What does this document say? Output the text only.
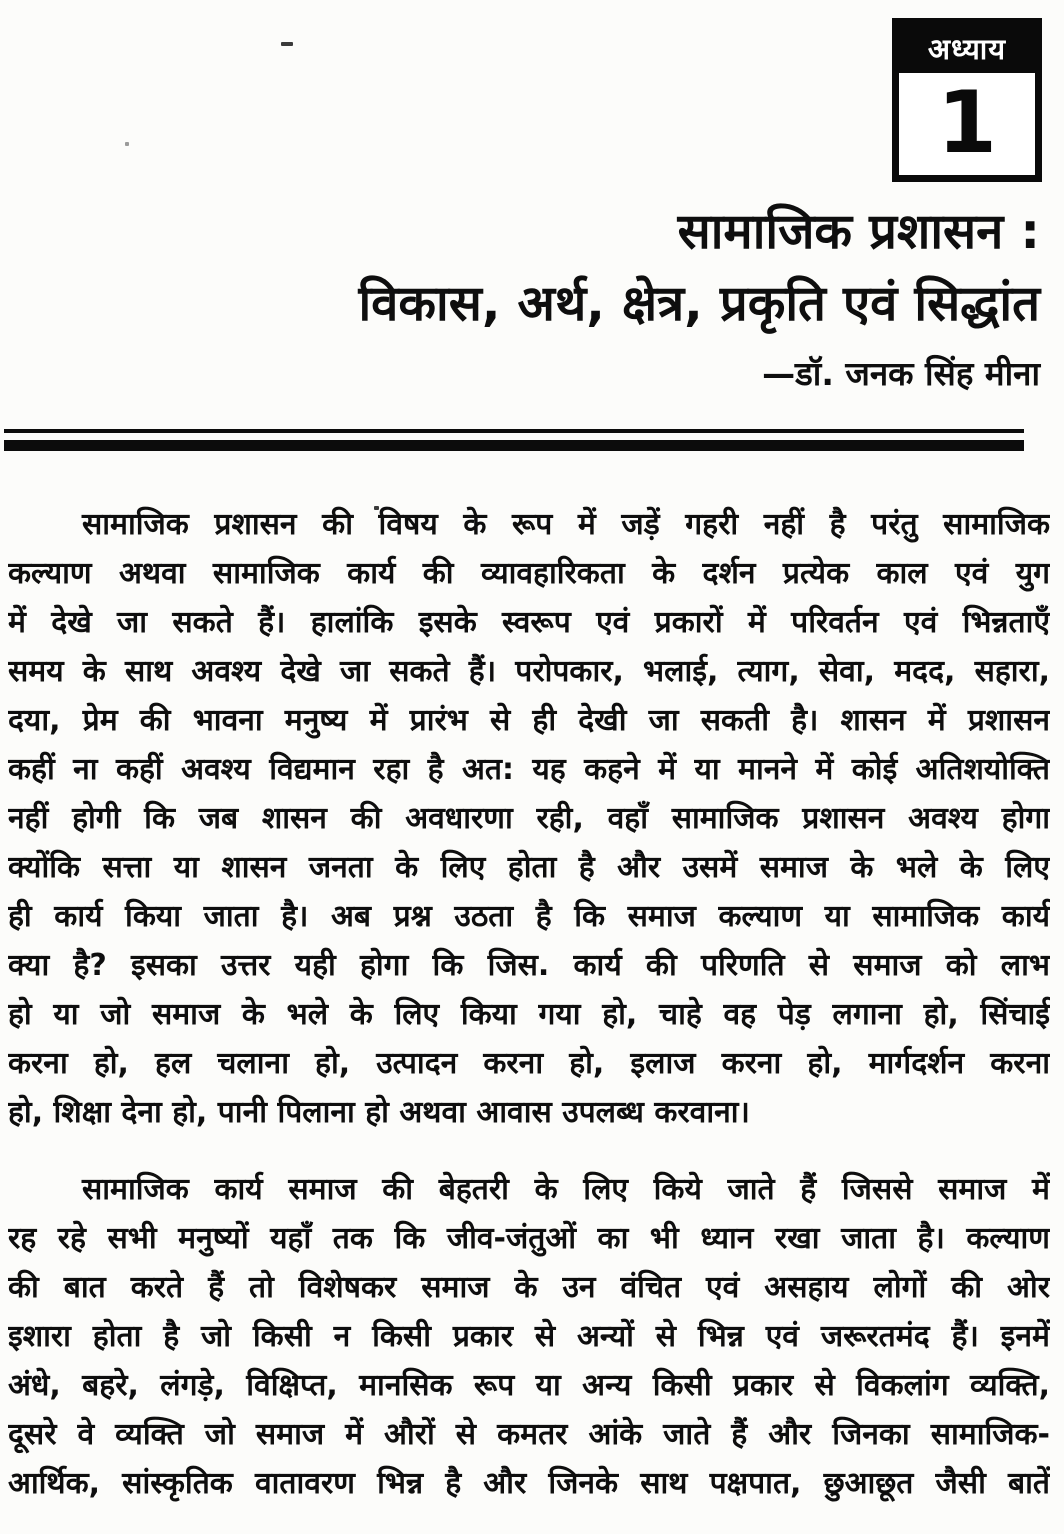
अध्याय
1
सामाजिक प्रशासन :
विकास, अर्थ, क्षेत्र, प्रकृति एवं सिद्धांत
—डॉ. जनक सिंह मीना
सामाजिक प्रशासन की विषय के रूप में जड़ें गहरी नहीं है परंतु सामाजिक
कल्याण अथवा सामाजिक कार्य की व्यावहारिकता के दर्शन प्रत्येक काल एवं युग
में देखे जा सकते हैं। हालांकि इसके स्वरूप एवं प्रकारों में परिवर्तन एवं भिन्नताएँ
समय के साथ अवश्य देखे जा सकते हैं। परोपकार, भलाई, त्याग, सेवा, मदद, सहारा,
दया, प्रेम की भावना मनुष्य में प्रारंभ से ही देखी जा सकती है। शासन में प्रशासन
कहीं ना कहीं अवश्य विद्यमान रहा है अत: यह कहने में या मानने में कोई अतिशयोक्ति
नहीं होगी कि जब शासन की अवधारणा रही, वहाँ सामाजिक प्रशासन अवश्य होगा
क्योंकि सत्ता या शासन जनता के लिए होता है और उसमें समाज के भले के लिए
ही कार्य किया जाता है। अब प्रश्न उठता है कि समाज कल्याण या सामाजिक कार्य
क्या है? इसका उत्तर यही होगा कि जिस. कार्य की परिणति से समाज को लाभ
हो या जो समाज के भले के लिए किया गया हो, चाहे वह पेड़ लगाना हो, सिंचाई
करना हो, हल चलाना हो, उत्पादन करना हो, इलाज करना हो, मार्गदर्शन करना
हो, शिक्षा देना हो, पानी पिलाना हो अथवा आवास उपलब्ध करवाना।
सामाजिक कार्य समाज की बेहतरी के लिए किये जाते हैं जिससे समाज में
रह रहे सभी मनुष्यों यहाँ तक कि जीव-जंतुओं का भी ध्यान रखा जाता है। कल्याण
की बात करते हैं तो विशेषकर समाज के उन वंचित एवं असहाय लोगों की ओर
इशारा होता है जो किसी न किसी प्रकार से अन्यों से भिन्न एवं जरूरतमंद हैं। इनमें
अंधे, बहरे, लंगड़े, विक्षिप्त, मानसिक रूप या अन्य किसी प्रकार से विकलांग व्यक्ति,
दूसरे वे व्यक्ति जो समाज में औरों से कमतर आंके जाते हैं और जिनका सामाजिक-
आर्थिक, सांस्कृतिक वातावरण भिन्न है और जिनके साथ पक्षपात, छुआछूत जैसी बातें
